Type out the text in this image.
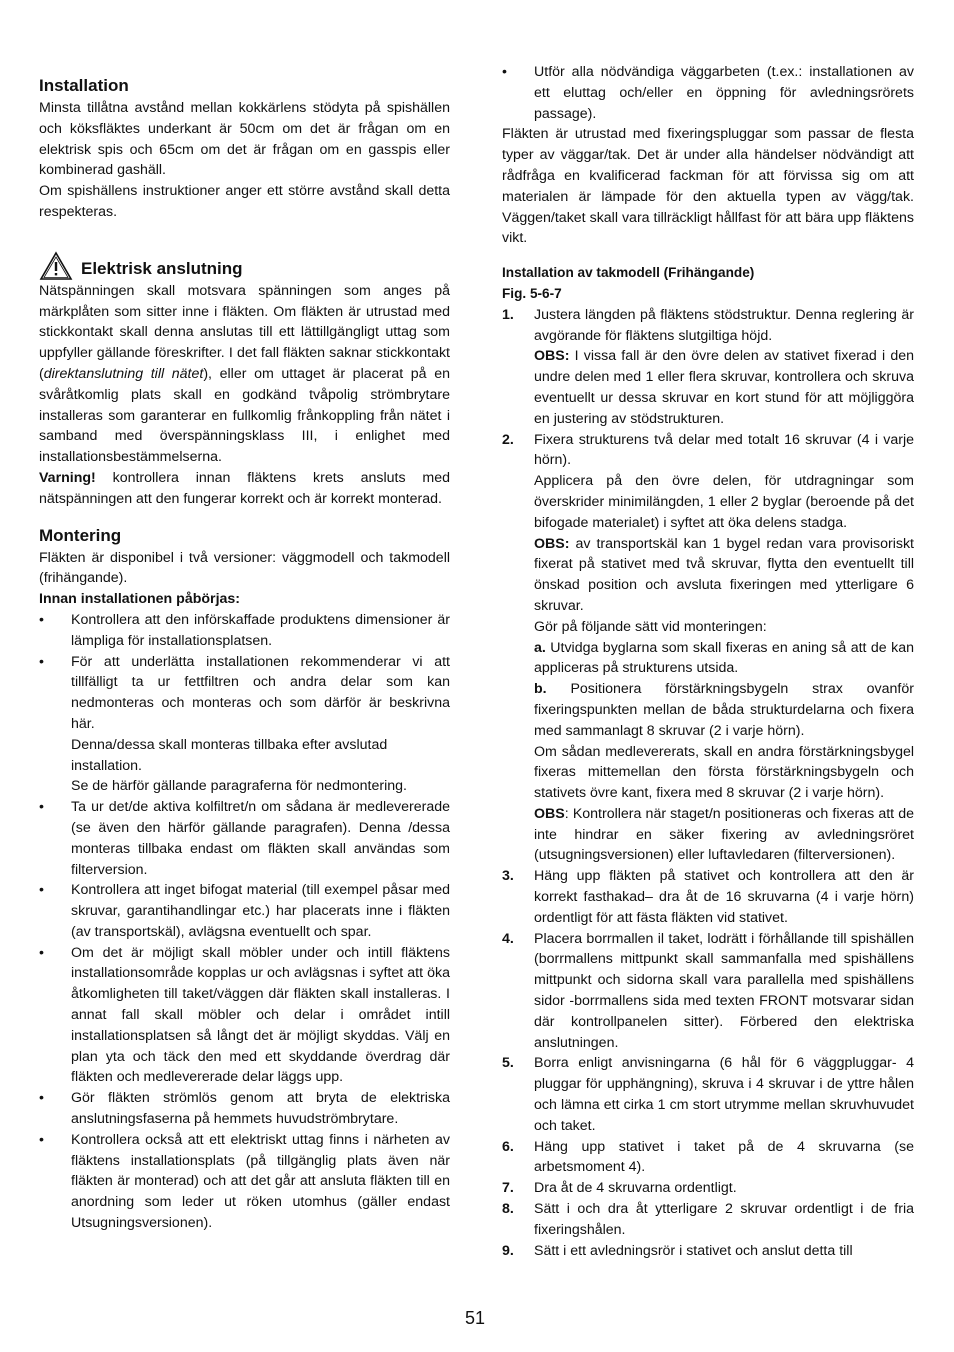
Installation

Minsta tillåtna avstånd mellan kokkärlens stödyta på spishällen och köksfläktes underkant är 50cm om det är frågan om en elektrisk spis och 65cm om det är frågan om en gasspis eller kombinerad gashäll.

Om spishällens instruktioner anger ett större avstånd skall detta respekteras.

Elektrisk anslutning

Nätspänningen skall motsvara spänningen som anges på märkplåten som sitter inne i fläkten. Om fläkten är utrustad med stickkontakt skall denna anslutas till ett lättillgängligt uttag som uppfyller gällande föreskrifter. I det fall fläkten saknar stickkontakt (direktanslutning till nätet), eller om uttaget är placerat på en svåråtkomlig plats skall en godkänd tvåpolig strömbrytare installeras som garanterar en fullkomlig frånkoppling från nätet i samband med överspänningsklass III, i enlighet med installationsbestämmelserna.

Varning! kontrollera innan fläktens krets ansluts med nätspänningen att den fungerar korrekt och är korrekt monterad.

Montering

Fläkten är disponibel i två versioner: väggmodell och takmodell (frihängande).

Innan installationen påbörjas:

• Kontrollera att den införskaffade produktens dimensioner är lämpliga för installationsplatsen.
• För att underlätta installationen rekommenderar vi att tillfälligt ta ur fettfiltren och andra delar som kan nedmonteras och monteras och som därför är beskrivna här.
Denna/dessa skall monteras tillbaka efter avslutad installation.
Se de härför gällande paragraferna för nedmontering.
• Ta ur det/de aktiva kolfiltret/n om sådana är medlevererade (se även den härför gällande paragrafen). Denna /dessa monteras tillbaka endast om fläkten skall användas som filterversion.
• Kontrollera att inget bifogat material (till exempel påsar med skruvar, garantihandlingar etc.) har placerats inne i fläkten (av transportskäl), avlägsna eventuellt och spar.
• Om det är möjligt skall möbler under och intill fläktens installationsområde kopplas ur och avlägsnas i syftet att öka åtkomligheten till taket/väggen där fläkten skall installeras. I annat fall skall möbler och delar i området intill installationsplatsen så långt det är möjligt skyddas. Välj en plan yta och täck den med ett skyddande överdrag där fläkten och medlevererade delar läggs upp.
• Gör fläkten strömlös genom att bryta de elektriska anslutningsfaserna på hemmets huvudströmbrytare.
• Kontrollera också att ett elektriskt uttag finns i närheten av fläktens installationsplats (på tillgänglig plats även när fläkten är monterad) och att det går att ansluta fläkten till en anordning som leder ut röken utomhus (gäller endast Utsugningsversionen).
• Utför alla nödvändiga väggarbeten (t.ex.: installationen av ett eluttag och/eller en öppning för avledningsrörets passage).

Fläkten är utrustad med fixeringspluggar som passar de flesta typer av väggar/tak. Det är under alla händelser nödvändigt att rådfråga en kvalificerad fackman för att förvissa sig om att materialen är lämpade för den aktuella typen av vägg/tak. Väggen/taket skall vara tillräckligt hållfast för att bära upp fläktens vikt.

Installation av takmodell (Frihängande)

Fig. 5-6-7

1. Justera längden på fläktens stödstruktur. Denna reglering är avgörande för fläktens slutgiltiga höjd.
OBS: I vissa fall är den övre delen av stativet fixerad i den undre delen med 1 eller flera skruvar, kontrollera och skruva eventuellt ur dessa skruvar en kort stund för att möjliggöra en justering av stödstrukturen.
2. Fixera strukturens två delar med totalt 16 skruvar (4 i varje hörn).
Applicera på den övre delen, för utdragningar som överskrider minimilängden, 1 eller 2 byglar (beroende på det bifogade materialet) i syftet att öka delens stadga.
OBS: av transportskäl kan 1 bygel redan vara provisoriskt fixerat på stativet med två skruvar, flytta den eventuellt till önskad position och avsluta fixeringen med ytterligare 6 skruvar.
Gör på följande sätt vid monteringen:
a. Utvidga byglarna som skall fixeras en aning så att de kan appliceras på strukturens utsida.
b. Positionera förstärkningsbygeln strax ovanför fixeringspunkten mellan de båda strukturdelarna och fixera med sammanlagt 8 skruvar (2 i varje hörn).
Om sådan medlevererats, skall en andra förstärkningsbygel fixeras mittemellan den första förstärkningsbygeln och stativets övre kant, fixera med 8 skruvar (2 i varje hörn).
OBS: Kontrollera när staget/n positioneras och fixeras att de inte hindrar en säker fixering av avledningsröret (utsugningsversionen) eller luftavledaren (filterversionen).
3. Häng upp fläkten på stativet och kontrollera att den är korrekt fasthakad– dra åt de 16 skruvarna (4 i varje hörn) ordentligt för att fästa fläkten vid stativet.
4. Placera borrmallen il taket, lodrätt i förhållande till spishällen (borrmallens mittpunkt skall sammanfalla med spishällens mittpunkt och sidorna skall vara parallella med spishällens sidor -borrmallens sida med texten FRONT motsvarar sidan där kontrollpanelen sitter). Förbered den elektriska anslutningen.
5. Borra enligt anvisningarna (6 hål för 6 väggpluggar- 4 pluggar för upphängning), skruva i 4 skruvar i de yttre hålen och lämna ett cirka 1 cm stort utrymme mellan skruvhuvudet och taket.
6. Häng upp stativet i taket på de 4 skruvarna (se arbetsmoment 4).
7. Dra åt de 4 skruvarna ordentligt.
8. Sätt i och dra åt ytterligare 2 skruvar ordentligt i de fria fixeringshålen.
9. Sätt i ett avledningsrör i stativet och anslut detta till
51
